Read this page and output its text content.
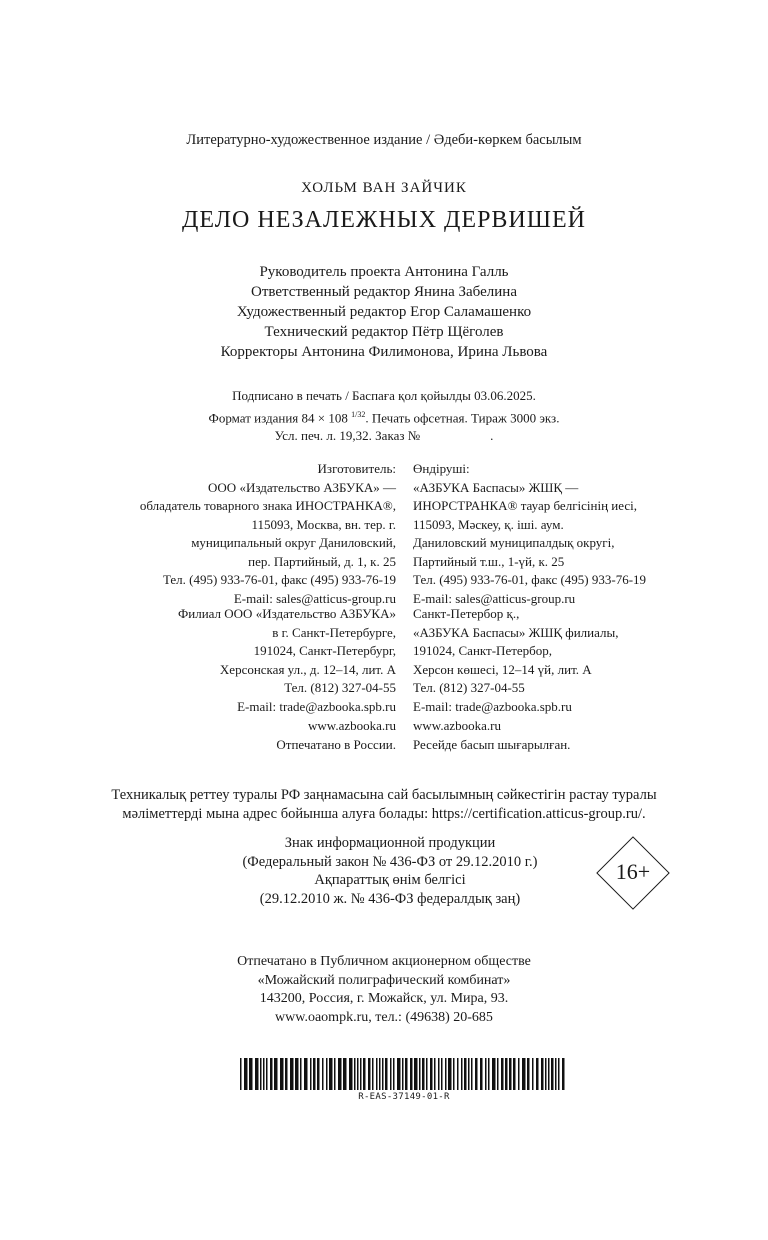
Литературно-художественное издание / Әдеби-көркем басылым
ХОЛЬМ ВАН ЗАЙЧИК
ДЕЛО НЕЗАЛЕЖНЫХ ДЕРВИШЕЙ
Руководитель проекта Антонина Галль
Ответственный редактор Янина Забелина
Художественный редактор Егор Саламашенко
Технический редактор Пётр Щёголев
Корректоры Антонина Филимонова, Ирина Львова
Подписано в печать / Баспаға қол қойылды 03.06.2025.
Формат издания 84 × 108 $^{1/32}$. Печать офсетная. Тираж 3000 экз.
Усл. печ. л. 19,32. Заказ №	.
Изготовитель:
ООО «Издательство АЗБУКА» —
обладатель товарного знака ИНОСТРАНКА®,
115093, Москва, вн. тер. г.
муниципальный округ Даниловский,
пер. Партийный, д. 1, к. 25
Тел. (495) 933-76-01, факс (495) 933-76-19
E-mail: sales@atticus-group.ru
Өндіруші:
«АЗБУКА Баспасы» ЖШҚ —
ИНОРСТРАНКА® тауар белгісінің иесі,
115093, Мәскеу, қ. ішi. аум.
Даниловский муниципалдық округі,
Партийный т.ш., 1-үй, к. 25
Тел. (495) 933-76-01, факс (495) 933-76-19
E-mail: sales@atticus-group.ru
Филиал ООО «Издательство АЗБУКА»
в г. Санкт-Петербурге,
191024, Санкт-Петербург,
Херсонская ул., д. 12–14, лит. А
Тел. (812) 327-04-55
E-mail: trade@azbooka.spb.ru
Санкт-Петербор қ.,
«АЗБУКА Баспасы» ЖШҚ филиалы,
191024, Санкт-Петербор,
Херсон көшесі, 12–14 үй, лит. А
Тел. (812) 327-04-55
E-mail: trade@azbooka.spb.ru
www.azbooka.ru
Отпечатано в России.
www.azbooka.ru
Ресейде басып шығарылған.
Техникалық реттеу туралы РФ заңнамасына сай басылымның сәйкестігін растау туралы
мәліметтерді мына адрес бойынша алуға болады: https://certification.atticus-group.ru/.
Знак информационной продукции
(Федеральный закон № 436-ФЗ от 29.12.2010 г.)
Ақпараттық өнім белгісі
(29.12.2010 ж. № 436-ФЗ федералдық заң)
16+
Отпечатано в Публичном акционерном обществе
«Можайский полиграфический комбинат»
143200, Россия, г. Можайск, ул. Мира, 93.
www.oaompk.ru, тел.: (49638) 20-685
R-EAS-37149-01-R
